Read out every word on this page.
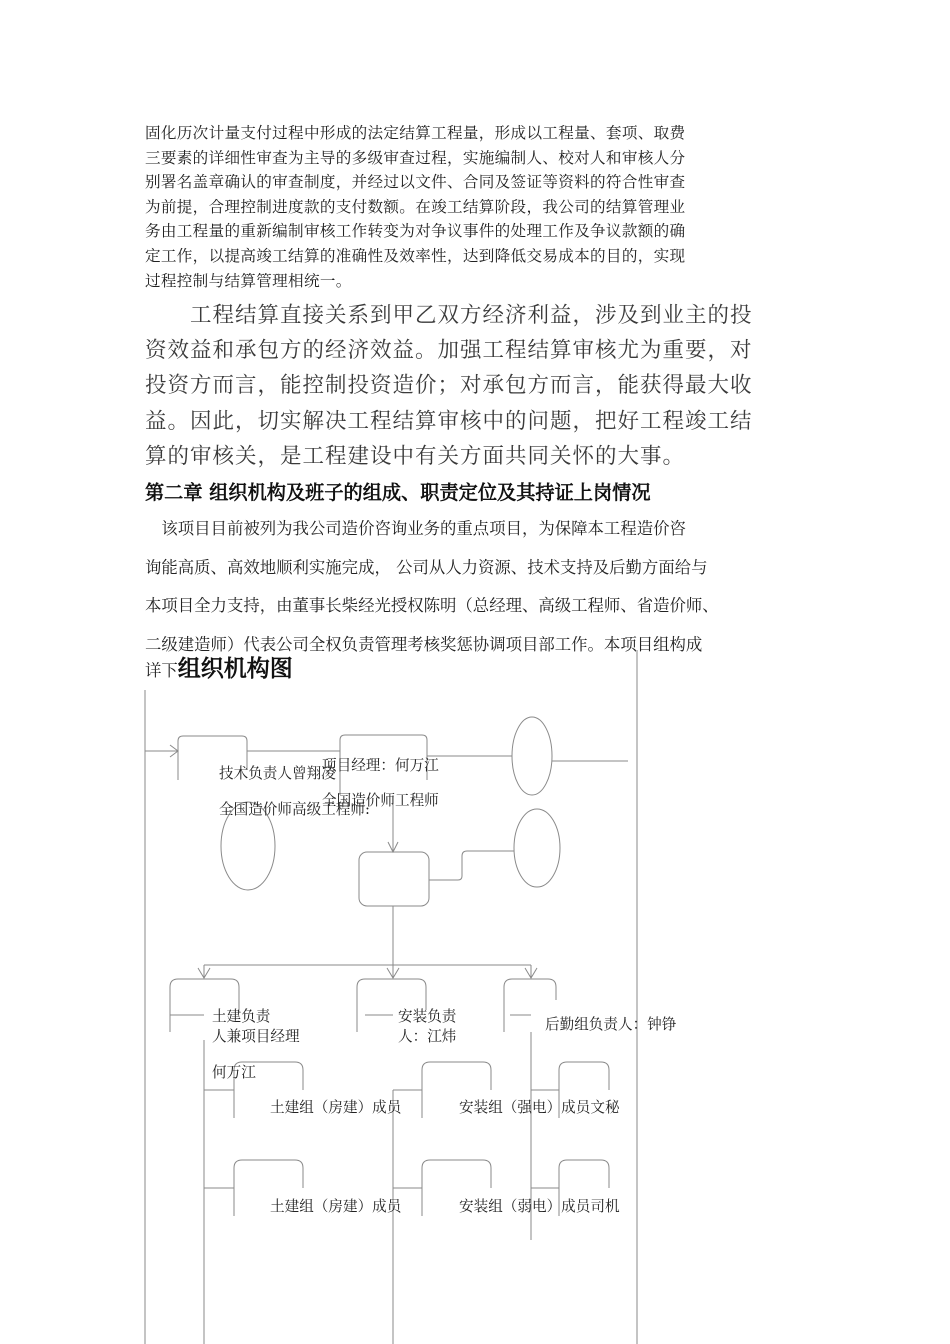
固化历次计量支付过程中形成的法定结算工程量，形成以工程量、套项、取费
三要素的详细性审查为主导的多级审查过程，实施编制人、校对人和审核人分
别署名盖章确认的审查制度，并经过以文件、合同及签证等资料的符合性审查
为前提，合理控制进度款的支付数额。在竣工结算阶段，我公司的结算管理业
务由工程量的重新编制审核工作转变为对争议事件的处理工作及争议款额的确
定工作，以提高竣工结算的准确性及效率性，达到降低交易成本的目的，实现
过程控制与结算管理相统一。
　　工程结算直接关系到甲乙双方经济利益，涉及到业主的投
资效益和承包方的经济效益。加强工程结算审核尤为重要，对
投资方而言，能控制投资造价；对承包方而言，能获得最大收
益。因此，切实解决工程结算审核中的问题，把好工程竣工结
算的审核关，是工程建设中有关方面共同关怀的大事。
第二章 组织机构及班子的组成、职责定位及其持证上岗情况
　该项目目前被列为我公司造价咨询业务的重点项目，为保障本工程造价咨
询能高质、高效地顺利实施完成， 公司从人力资源、技术支持及后勤方面给与
本项目全力支持，由董事长柴经光授权陈明（总经理、高级工程师、省造价师、
二级建造师）代表公司全权负责管理考核奖惩协调项目部工作。本项目组构成
详下组织机构图
技术负责人曾翔凌
全国造价师高级工程师:
项目经理：何万江
全国造价师工程师
土建负责
人兼项目经理
何万江
安装负责
人：江炜
后勤组负责人：钟铮
土建组（房建）成员	安装组（强电）成员文秘
土建组（房建）成员	安装组（弱电）成员司机
